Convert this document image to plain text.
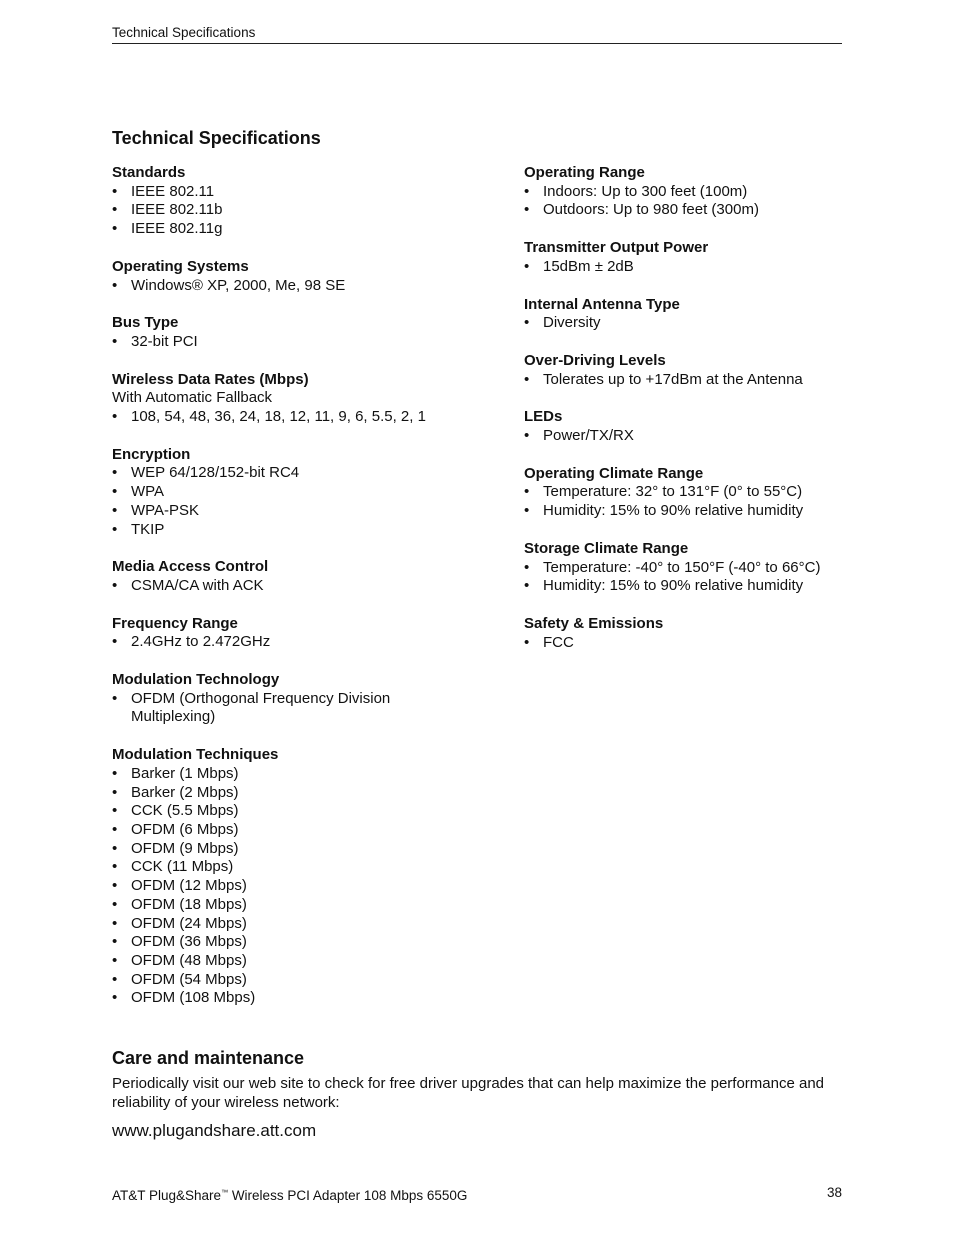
Technical Specifications
Technical Specifications
Standards
• IEEE 802.11
• IEEE 802.11b
• IEEE 802.11g
Operating Systems
• Windows® XP, 2000, Me, 98 SE
Bus Type
• 32-bit PCI
Wireless Data Rates (Mbps)
With Automatic Fallback
• 108, 54, 48, 36, 24, 18, 12, 11, 9, 6, 5.5, 2, 1
Encryption
• WEP 64/128/152-bit RC4
• WPA
• WPA-PSK
• TKIP
Media Access Control
• CSMA/CA with ACK
Frequency Range
• 2.4GHz to 2.472GHz
Modulation Technology
• OFDM (Orthogonal Frequency Division Multiplexing)
Modulation Techniques
• Barker (1 Mbps)
• Barker (2 Mbps)
• CCK (5.5 Mbps)
• OFDM (6 Mbps)
• OFDM (9 Mbps)
• CCK (11 Mbps)
• OFDM (12 Mbps)
• OFDM (18 Mbps)
• OFDM (24 Mbps)
• OFDM (36 Mbps)
• OFDM (48 Mbps)
• OFDM (54 Mbps)
• OFDM (108 Mbps)
Operating Range
• Indoors: Up to 300 feet (100m)
• Outdoors: Up to 980 feet (300m)
Transmitter Output Power
• 15dBm ± 2dB
Internal Antenna Type
• Diversity
Over-Driving Levels
• Tolerates up to +17dBm at the Antenna
LEDs
• Power/TX/RX
Operating Climate Range
• Temperature: 32° to 131°F (0° to 55°C)
• Humidity: 15% to 90% relative humidity
Storage Climate Range
• Temperature: -40° to 150°F (-40° to 66°C)
• Humidity: 15% to 90% relative humidity
Safety & Emissions
• FCC
Care and maintenance

Periodically visit our web site to check for free driver upgrades that can help maximize the performance and reliability of your wireless network:

www.plugandshare.att.com
AT&T Plug&Share™ Wireless PCI Adapter 108 Mbps 6550G	38
